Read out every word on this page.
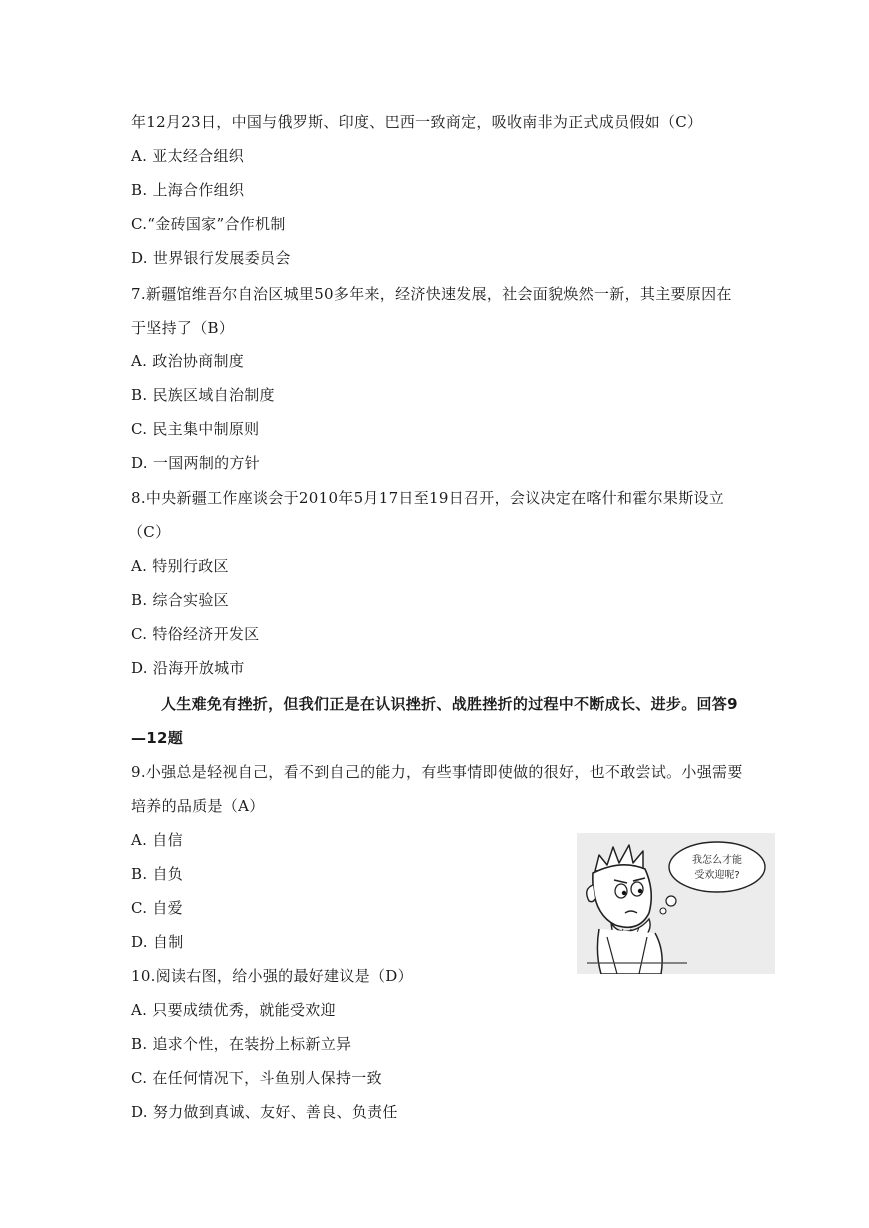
年12月23日，中国与俄罗斯、印度、巴西一致商定，吸收南非为正式成员假如（C）
A. 亚太经合组织
B. 上海合作组织
C.“金砖国家”合作机制
D. 世界银行发展委员会
7.新疆馆维吾尔自治区城里50多年来，经济快速发展，社会面貌焕然一新，其主要原因在
于坚持了（B）
A. 政治协商制度
B. 民族区域自治制度
C. 民主集中制原则
D. 一国两制的方针
8.中央新疆工作座谈会于2010年5月17日至19日召开，会议决定在喀什和霍尔果斯设立
（C）
A. 特别行政区
B. 综合实验区
C. 特俗经济开发区
D. 沿海开放城市
人生难免有挫折，但我们正是在认识挫折、战胜挫折的过程中不断成长、进步。回答9
—12题
9.小强总是轻视自己，看不到自己的能力，有些事情即使做的很好，也不敢尝试。小强需要
培养的品质是（A）
A. 自信
B. 自负
C. 自爱
D. 自制
10.阅读右图，给小强的最好建议是（D）
A. 只要成绩优秀，就能受欢迎
B. 追求个性，在装扮上标新立异
C. 在任何情况下，斗鱼别人保持一致
D. 努力做到真诚、友好、善良、负责任
我怎么才能
受欢迎呢?
